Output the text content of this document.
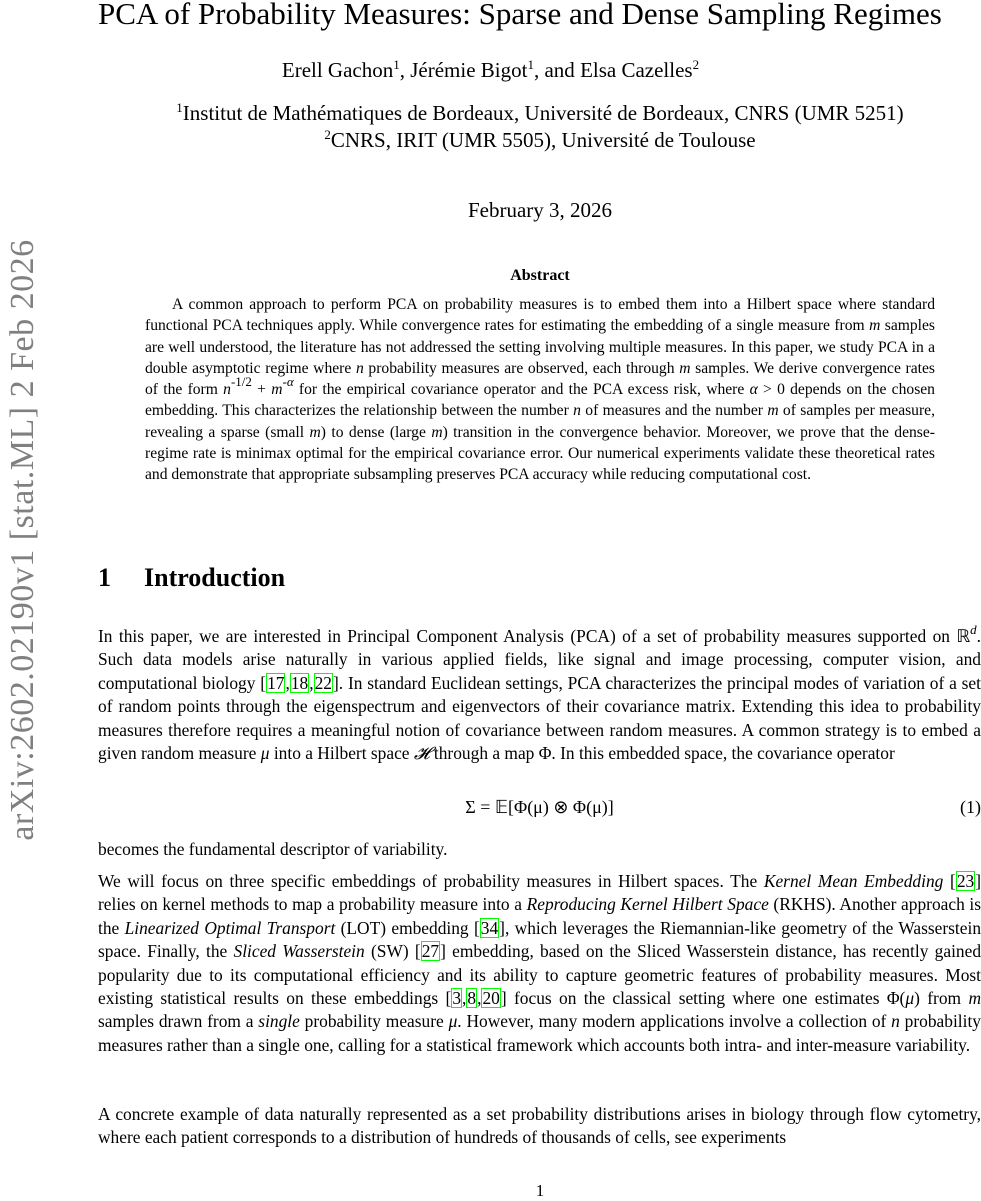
arXiv:2602.02190v1 [stat.ML] 2 Feb 2026
PCA of Probability Measures: Sparse and Dense Sampling Regimes
Erell Gachon$^1$, Jérémie Bigot$^1$, and Elsa Cazelles$^2$
$^1$Institut de Mathématiques de Bordeaux, Université de Bordeaux, CNRS (UMR 5251)
$^2$CNRS, IRIT (UMR 5505), Université de Toulouse
February 3, 2026
Abstract

A common approach to perform PCA on probability measures is to embed them into a Hilbert space where standard functional PCA techniques apply. While convergence rates for estimating the embedding of a single measure from m samples are well understood, the literature has not addressed the setting involving multiple measures. In this paper, we study PCA in a double asymptotic regime where n probability measures are observed, each through m samples. We derive convergence rates of the form $n^{-1/2} + m^{-\alpha}$ for the empirical covariance operator and the PCA excess risk, where α > 0 depends on the chosen embedding. This characterizes the relationship between the number n of measures and the number m of samples per measure, revealing a sparse (small m) to dense (large m) transition in the convergence behavior. Moreover, we prove that the dense-regime rate is minimax optimal for the empirical covariance error. Our numerical experiments validate these theoretical rates and demonstrate that appropriate subsampling preserves PCA accuracy while reducing computational cost.

1 Introduction

In this paper, we are interested in Principal Component Analysis (PCA) of a set of probability measures supported on ℝ$^d$. Such data models arise naturally in various applied fields, like signal and image processing, computer vision, and computational biology [17,18,22]. In standard Euclidean settings, PCA characterizes the principal modes of variation of a set of random points through the eigenspectrum and eigenvectors of their covariance matrix. Extending this idea to probability measures therefore requires a meaningful notion of covariance between random measures. A common strategy is to embed a given random measure μ into a Hilbert space 𝓗 through a map Φ. In this embedded space, the covariance operator

Σ = 𝔼[Φ(μ) ⊗ Φ(μ)]	(1)

becomes the fundamental descriptor of variability.

We will focus on three specific embeddings of probability measures in Hilbert spaces. The Kernel Mean Embedding [23] relies on kernel methods to map a probability measure into a Reproducing Kernel Hilbert Space (RKHS). Another approach is the Linearized Optimal Transport (LOT) embedding [34], which leverages the Riemannian-like geometry of the Wasserstein space. Finally, the Sliced Wasserstein (SW) [27] embedding, based on the Sliced Wasserstein distance, has recently gained popularity due to its computational efficiency and its ability to capture geometric features of probability measures. Most existing statistical results on these embeddings [3,8,20] focus on the classical setting where one estimates Φ(μ) from m samples drawn from a single probability measure μ. However, many modern applications involve a collection of n probability measures rather than a single one, calling for a statistical framework which accounts both intra- and inter-measure variability.

A concrete example of data naturally represented as a set probability distributions arises in biology through flow cytometry, where each patient corresponds to a distribution of hundreds of thousands of cells, see experiments

1
